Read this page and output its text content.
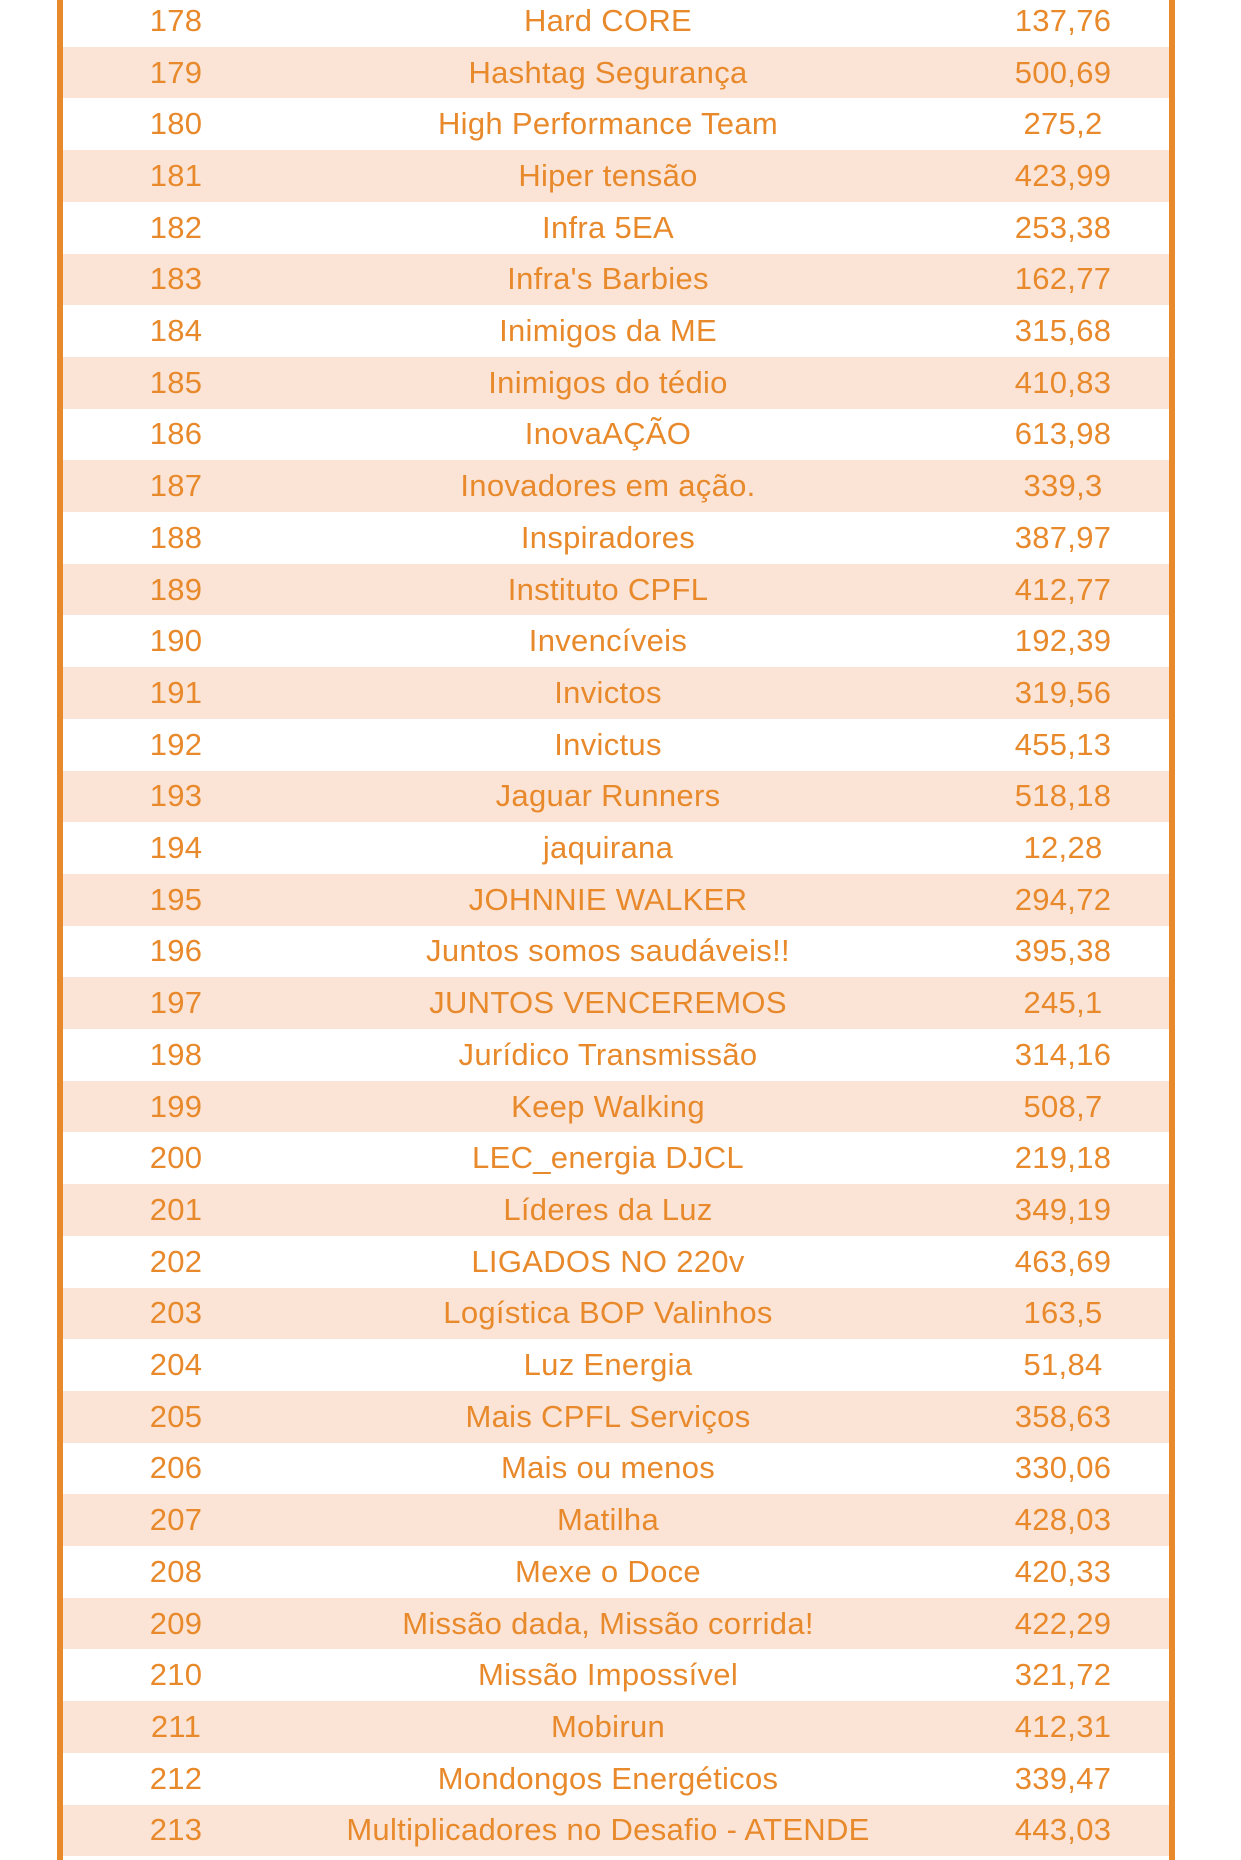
178	Hard CORE	137,76
179	Hashtag Segurança	500,69
180	High Performance Team	275,2
181	Hiper tensão	423,99
182	Infra 5EA	253,38
183	Infra's Barbies	162,77
184	Inimigos da ME	315,68
185	Inimigos do tédio	410,83
186	InovaAÇÃO	613,98
187	Inovadores em ação.	339,3
188	Inspiradores	387,97
189	Instituto CPFL	412,77
190	Invencíveis	192,39
191	Invictos	319,56
192	Invictus	455,13
193	Jaguar Runners	518,18
194	jaquirana	12,28
195	JOHNNIE WALKER	294,72
196	Juntos somos saudáveis!!	395,38
197	JUNTOS VENCEREMOS	245,1
198	Jurídico Transmissão	314,16
199	Keep Walking	508,7
200	LEC_energia DJCL	219,18
201	Líderes da Luz	349,19
202	LIGADOS NO 220v	463,69
203	Logística BOP Valinhos	163,5
204	Luz Energia	51,84
205	Mais CPFL Serviços	358,63
206	Mais ou menos	330,06
207	Matilha	428,03
208	Mexe o Doce	420,33
209	Missão dada, Missão corrida!	422,29
210	Missão Impossível	321,72
211	Mobirun	412,31
212	Mondongos Energéticos	339,47
213	Multiplicadores no Desafio - ATENDE	443,03
